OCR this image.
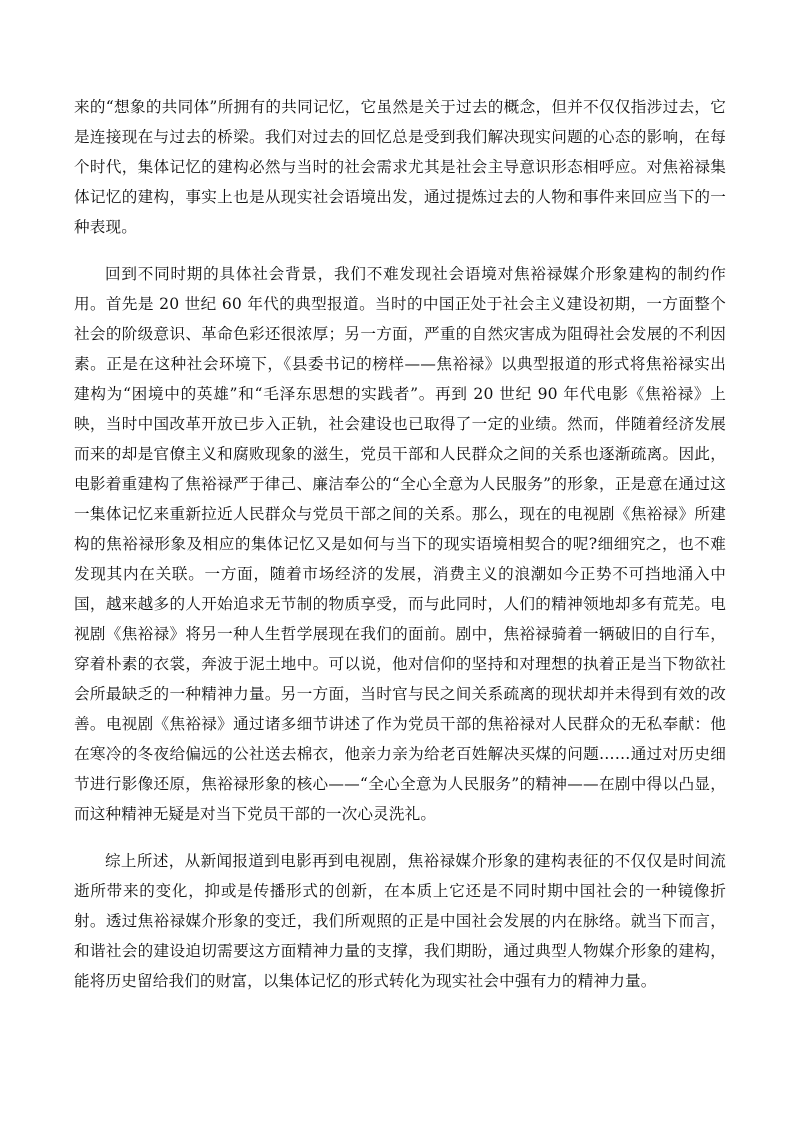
来的“想象的共同体”所拥有的共同记忆，它虽然是关于过去的概念，但并不仅仅指涉过去，它是连接现在与过去的桥梁。我们对过去的回忆总是受到我们解决现实问题的心态的影响，在每个时代，集体记忆的建构必然与当时的社会需求尤其是社会主导意识形态相呼应。对焦裕禄集体记忆的建构，事实上也是从现实社会语境出发，通过提炼过去的人物和事件来回应当下的一种表现。

回到不同时期的具体社会背景，我们不难发现社会语境对焦裕禄媒介形象建构的制约作用。首先是 20 世纪 60 年代的典型报道。当时的中国正处于社会主义建设初期，一方面整个社会的阶级意识、革命色彩还很浓厚；另一方面，严重的自然灾害成为阻碍社会发展的不利因素。正是在这种社会环境下，《县委书记的榜样——焦裕禄》以典型报道的形式将焦裕禄实出建构为“困境中的英雄”和“毛泽东思想的实践者”。再到 20 世纪 90 年代电影《焦裕禄》上映，当时中国改革开放已步入正轨，社会建设也已取得了一定的业绩。然而，伴随着经济发展而来的却是官僚主义和腐败现象的滋生，党员干部和人民群众之间的关系也逐渐疏离。因此，电影着重建构了焦裕禄严于律己、廉洁奉公的“全心全意为人民服务”的形象，正是意在通过这一集体记忆来重新拉近人民群众与党员干部之间的关系。那么，现在的电视剧《焦裕禄》所建构的焦裕禄形象及相应的集体记忆又是如何与当下的现实语境相契合的呢?细细究之，也不难发现其内在关联。一方面，随着市场经济的发展，消费主义的浪潮如今正势不可挡地涌入中国，越来越多的人开始追求无节制的物质享受，而与此同时，人们的精神领地却多有荒芜。电视剧《焦裕禄》将另一种人生哲学展现在我们的面前。剧中，焦裕禄骑着一辆破旧的自行车，穿着朴素的衣裳，奔波于泥土地中。可以说，他对信仰的坚持和对理想的执着正是当下物欲社会所最缺乏的一种精神力量。另一方面，当时官与民之间关系疏离的现状却并未得到有效的改善。电视剧《焦裕禄》通过诸多细节讲述了作为党员干部的焦裕禄对人民群众的无私奉献：他在寒冷的冬夜给偏远的公社送去棉衣，他亲力亲为给老百姓解决买煤的问题……通过对历史细节进行影像还原，焦裕禄形象的核心——“全心全意为人民服务”的精神——在剧中得以凸显，而这种精神无疑是对当下党员干部的一次心灵洗礼。

综上所述，从新闻报道到电影再到电视剧，焦裕禄媒介形象的建构表征的不仅仅是时间流逝所带来的变化，抑或是传播形式的创新，在本质上它还是不同时期中国社会的一种镜像折射。透过焦裕禄媒介形象的变迁，我们所观照的正是中国社会发展的内在脉络。就当下而言，和谐社会的建设迫切需要这方面精神力量的支撑，我们期盼，通过典型人物媒介形象的建构，能将历史留给我们的财富，以集体记忆的形式转化为现实社会中强有力的精神力量。
